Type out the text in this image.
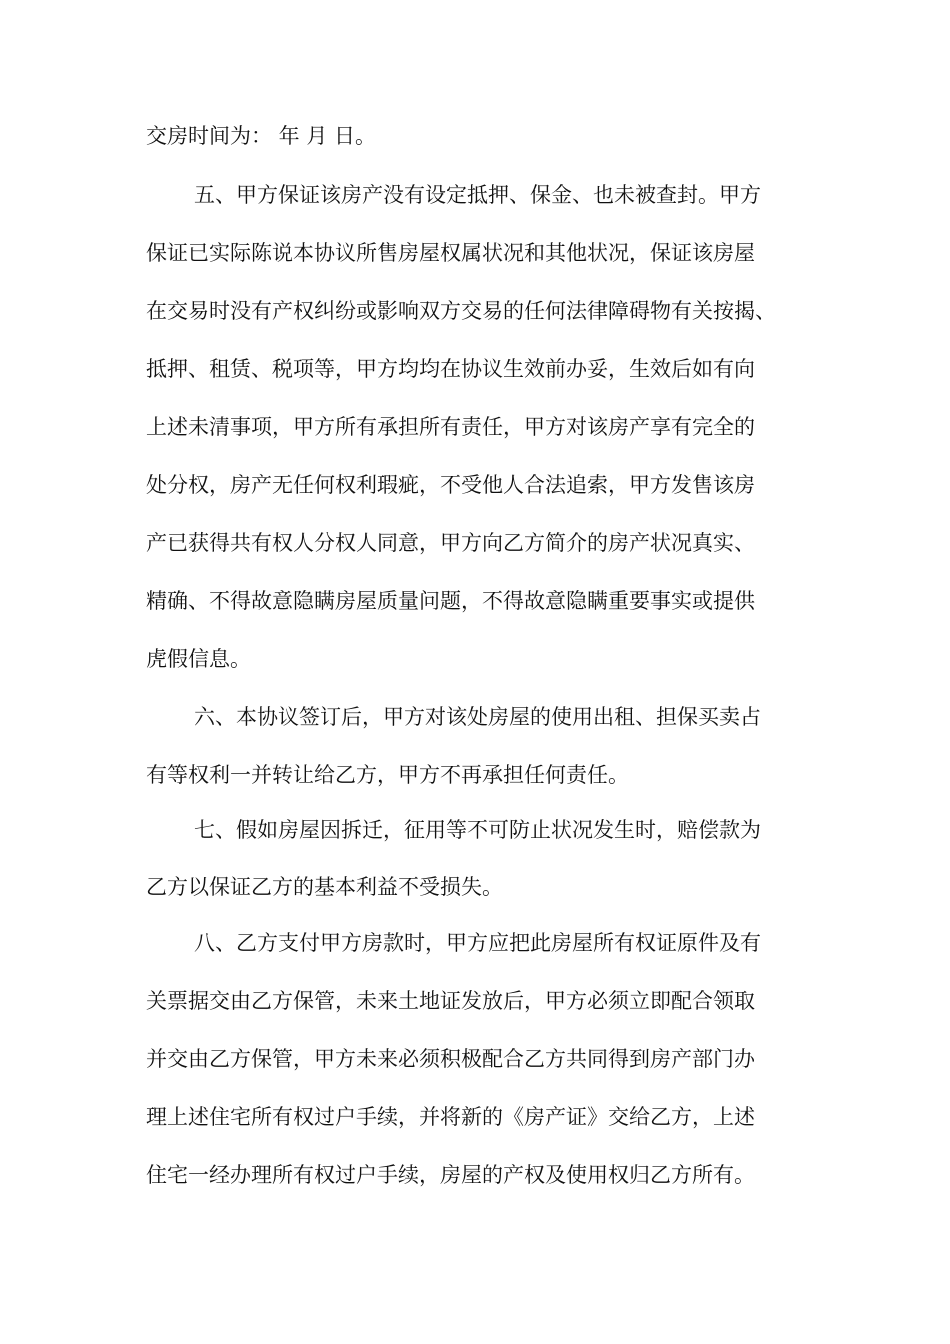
交房时间为： 年 月 日。

五、甲方保证该房产没有设定抵押、保金、也未被查封。甲方

保证已实际陈说本协议所售房屋权属状况和其他状况，保证该房屋

在交易时没有产权纠纷或影响双方交易的任何法律障碍物有关按揭、

抵押、租赁、税项等，甲方均均在协议生效前办妥，生效后如有向

上述未清事项，甲方所有承担所有责任，甲方对该房产享有完全的

处分权，房产无任何权利瑕疵，不受他人合法追索，甲方发售该房

产已获得共有权人分权人同意，甲方向乙方简介的房产状况真实、

精确、不得故意隐瞒房屋质量问题，不得故意隐瞒重要事实或提供

虎假信息。

六、本协议签订后，甲方对该处房屋的使用出租、担保买卖占

有等权利一并转让给乙方，甲方不再承担任何责任。

七、假如房屋因拆迁，征用等不可防止状况发生时，赔偿款为

乙方以保证乙方的基本利益不受损失。

八、乙方支付甲方房款时，甲方应把此房屋所有权证原件及有

关票据交由乙方保管，未来土地证发放后，甲方必须立即配合领取

并交由乙方保管，甲方未来必须积极配合乙方共同得到房产部门办

理上述住宅所有权过户手续，并将新的《房产证》交给乙方，上述

住宅一经办理所有权过户手续，房屋的产权及使用权归乙方所有。
